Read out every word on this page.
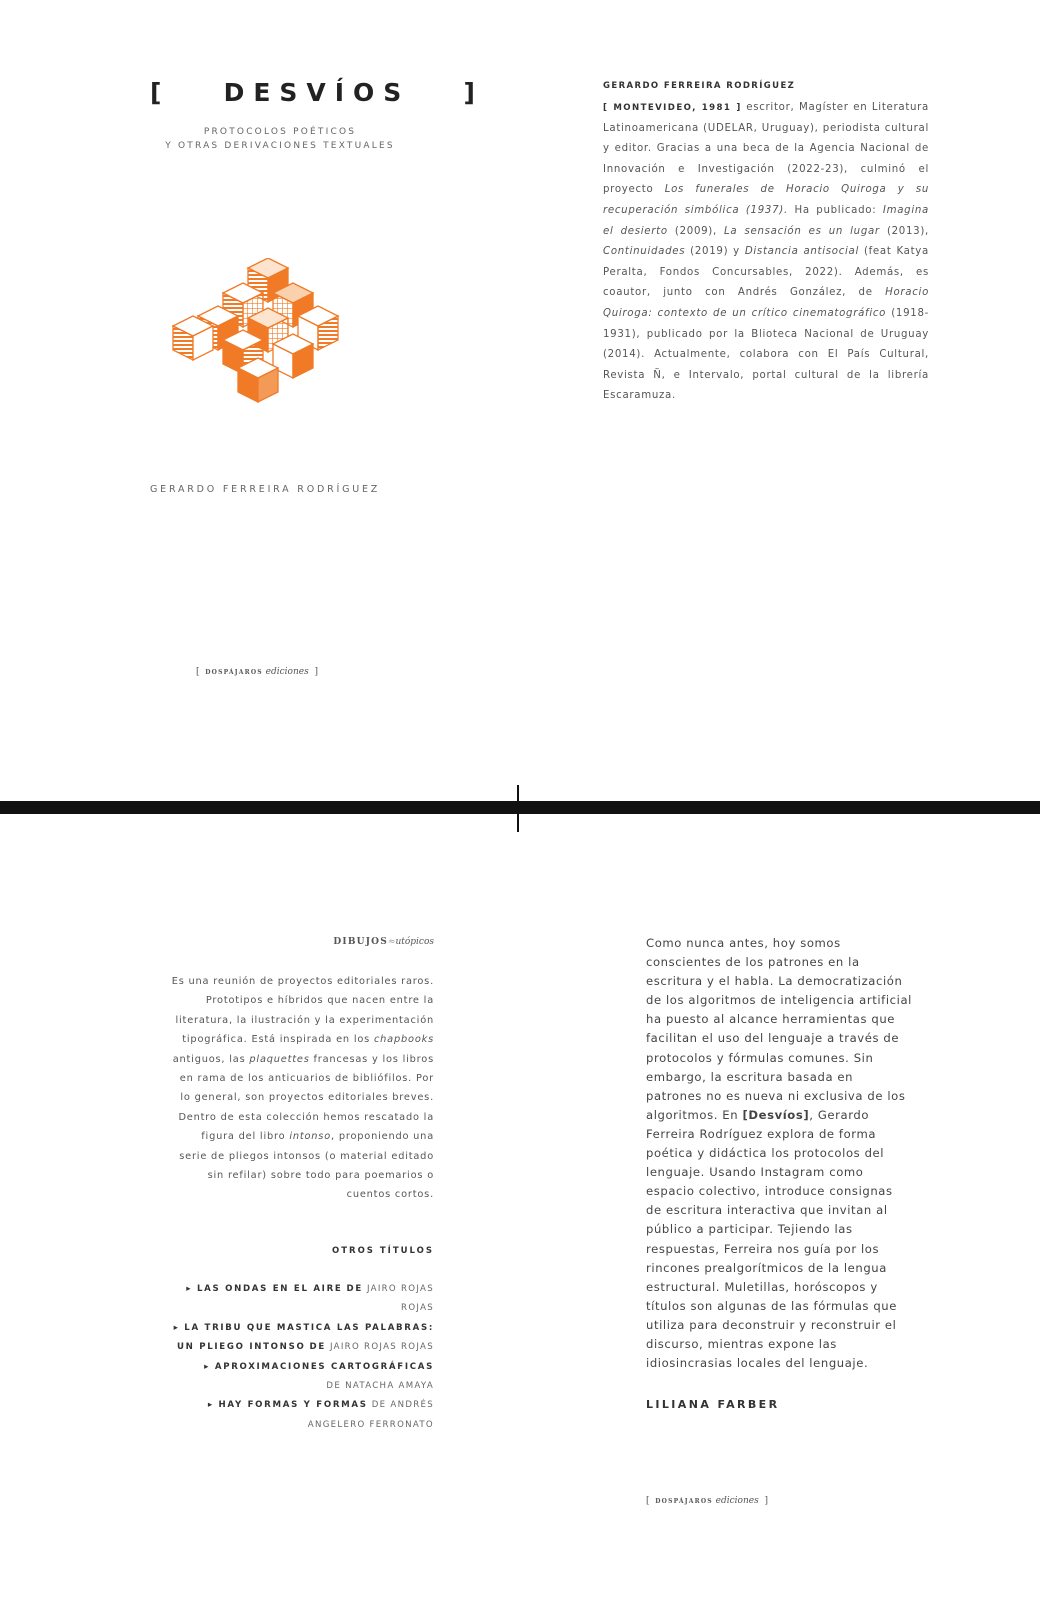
[ DESVÍOS ]
PROTOCOLOS POÉTICOS
Y OTRAS DERIVACIONES TEXTUALES
GERARDO FERREIRA RODRÍGUEZ
[ dospájaros ediciones ]
GERARDO FERREIRA RODRÍGUEZ
[ MONTEVIDEO, 1981 ] escritor, Magíster en Literatura Latinoamericana (UDELAR, Uruguay), periodista cultural y editor. Gracias a una beca de la Agencia Nacional de Innovación e Investigación (2022-23), culminó el proyecto Los funerales de Horacio Quiroga y su recuperación simbólica (1937). Ha publicado: Imagina el desierto (2009), La sensación es un lugar (2013), Continuidades (2019) y Distancia antisocial (feat Katya Peralta, Fondos Concursables, 2022). Además, es coautor, junto con Andrés González, de Horacio Quiroga: contexto de un crítico cinematográfico (1918-1931), publicado por la Blioteca Nacional de Uruguay (2014). Actualmente, colabora con El País Cultural, Revista Ñ, e Intervalo, portal cultural de la librería Escaramuza.
DIBUJOS≈utópicos
Es una reunión de proyectos editoriales raros. Prototipos e híbridos que nacen entre la literatura, la ilustración y la experimentación tipográfica. Está inspirada en los chapbooks antiguos, las plaquettes francesas y los libros en rama de los anticuarios de bibliófilos. Por lo general, son proyectos editoriales breves. Dentro de esta colección hemos rescatado la figura del libro intonso, proponiendo una serie de pliegos intonsos (o material editado sin refilar) sobre todo para poemarios o cuentos cortos.
OTROS TÍTULOS
▸ LAS ONDAS EN EL AIRE DE JAIRO ROJAS ROJAS
▸ LA TRIBU QUE MASTICA LAS PALABRAS: UN PLIEGO INTONSO DE JAIRO ROJAS ROJAS
▸ APROXIMACIONES CARTOGRÁFICAS
DE NATACHA AMAYA
▸ HAY FORMAS Y FORMAS DE ANDRÉS ANGELERO FERRONATO
Como nunca antes, hoy somos conscientes de los patrones en la escritura y el habla. La democratización de los algoritmos de inteligencia artificial ha puesto al alcance herramientas que facilitan el uso del lenguaje a través de protocolos y fórmulas comunes. Sin embargo, la escritura basada en patrones no es nueva ni exclusiva de los algoritmos. En [Desvíos], Gerardo Ferreira Rodríguez explora de forma poética y didáctica los protocolos del lenguaje. Usando Instagram como espacio colectivo, introduce consignas de escritura interactiva que invitan al público a participar. Tejiendo las respuestas, Ferreira nos guía por los rincones prealgorítmicos de la lengua estructural. Muletillas, horóscopos y títulos son algunas de las fórmulas que utiliza para deconstruir y reconstruir el discurso, mientras expone las idiosincrasias locales del lenguaje.
LILIANA FARBER
[ dospájaros ediciones ]
